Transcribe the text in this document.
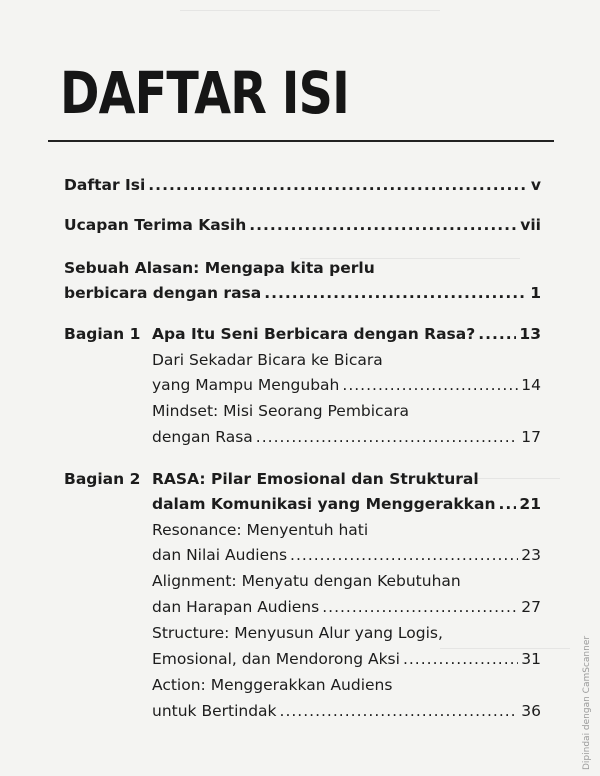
DAFTAR ISI
Daftar Isi .....	v
Ucapan Terima Kasih .....	vii
Sebuah Alasan: Mengapa kita perlu
berbicara dengan rasa .....	1
Bagian 1 Apa Itu Seni Berbicara dengan Rasa? .....	13
Dari Sekadar Bicara ke Bicara
yang Mampu Mengubah .....	14
Mindset: Misi Seorang Pembicara
dengan Rasa .....	17
Bagian 2 RASA: Pilar Emosional dan Struktural
dalam Komunikasi yang Menggerakkan ..... 21
Resonance: Menyentuh hati
dan Nilai Audiens .....	23
Alignment: Menyatu dengan Kebutuhan
dan Harapan Audiens .....	27
Structure: Menyusun Alur yang Logis,
Emosional, dan Mendorong Aksi .....	31
Action: Menggerakkan Audiens
untuk Bertindak .....	36	Dipindai dengan CamScanner
